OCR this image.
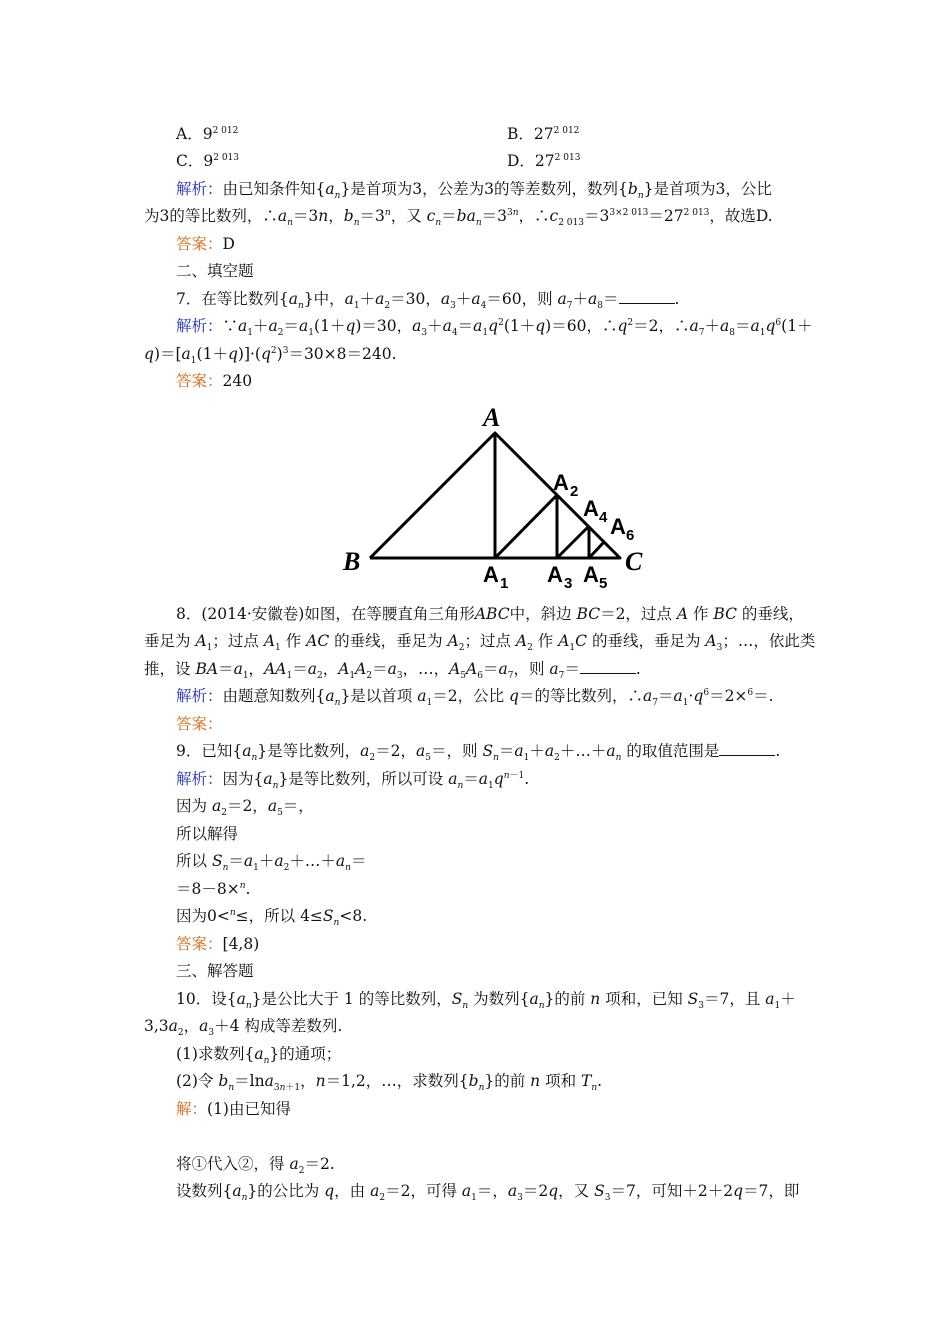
A．$9^{2 012}$	B．$27^{2 012}$
C．$9^{2 013}$	D．$27^{2 013}$
解析：由已知条件知$\{a_n\}$是首项为3，公差为3的等差数列，数列$\{b_n\}$是首项为3，公比
为3的等比数列，$\therefore a_n=3n$，$b_n=3^n$，又 $c_n=ba_n=3^{3n}$，$\therefore c_{2 013}=3^{3\times 2 013}=27^{2 013}$，故选D.
答案：D
二、填空题
7．在等比数列$\{a_n\}$中，$a_1+a_2=30$，$a_3+a_4=60$，则 $a_7+a_8=$	.
解析：$\because a_1+a_2=a_1(1+q)=30$，$a_3+a_4=a_1q^2(1+q)=60$，$\therefore q^2=2$，$\therefore a_7+a_8=a_1q^6(1+$
$q)=[a_1(1+q)]\cdot(q^2)^3=30\times 8=240$.
答案：240
A
B	C
A 1
A 2
A 3
A 4
A 5
A 6
8．(2014·安徽卷)如图，在等腰直角三角形ABC中，斜边 BC＝2，过点 A 作 BC 的垂线，
垂足为 $A_1$；过点 $A_1$ 作 AC 的垂线，垂足为 $A_2$；过点 $A_2$ 作 $A_1C$ 的垂线，垂足为 $A_3$；…，依此类
推，设 $BA=a_1$，$AA_1=a_2$，$A_1A_2=a_3$，…，$A_5A_6=a_7$，则 $a_7=$	.
解析：由题意知数列$\{a_n\}$是以首项 $a_1=2$，公比 q＝的等比数列，$\therefore a_7=a_1\cdot q^6=2\times^6=$.
答案：
9．已知$\{a_n\}$是等比数列，$a_2=2$，$a_5=$，则 $S_n=a_1+a_2+\dots+a_n$ 的取值范围是	.
解析：因为$\{a_n\}$是等比数列，所以可设 $a_n=a_1q^{n-1}$.
因为 $a_2=2$，$a_5=$，
所以解得
所以 $S_n=a_1+a_2+\dots+a_n=$
＝8－8×$^n$.
因为0<$^n$≤，所以 $4\le S_n<8$.
答案：[4,8)
三、解答题
10．设$\{a_n\}$是公比大于 1 的等比数列，$S_n$ 为数列$\{a_n\}$的前 n 项和，已知 $S_3=7$，且 $a_1+$
$3,3a_2$，$a_3+4$ 构成等差数列.
(1)求数列$\{a_n\}$的通项；
(2)令 $b_n=\ln a_{3n+1}$，n＝1,2，…，求数列$\{b_n\}$的前 n 项和 $T_n$.
解：(1)由已知得
将①代入②，得 $a_2=2$.
设数列$\{a_n\}$的公比为 q，由 $a_2=2$，可得 $a_1=$，$a_3=2q$，又 $S_3=7$，可知＋2＋2q＝7，即
